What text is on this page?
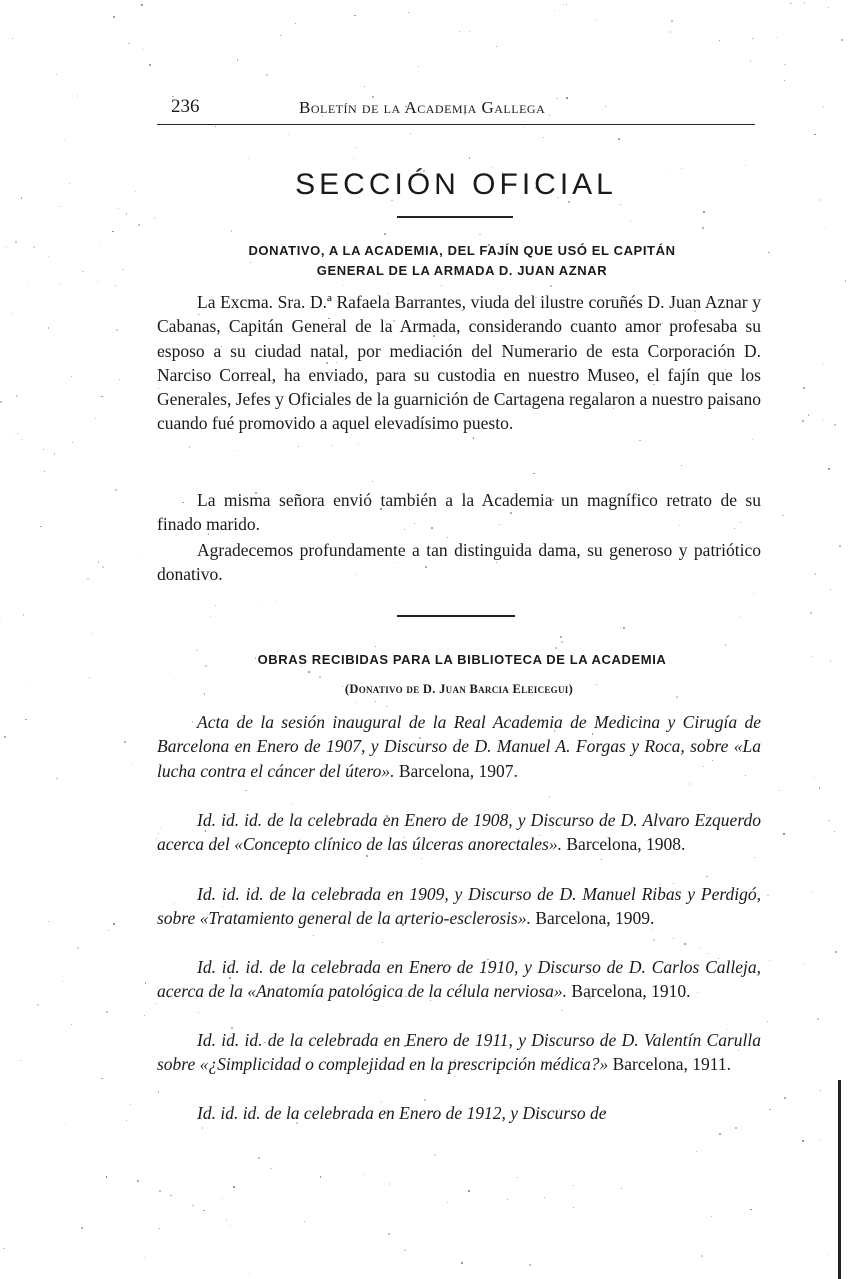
236	Boletín de la Academia Gallega
SECCIÓN OFICIAL
DONATIVO, A LA ACADEMIA, DEL FAJÍN QUE USÓ EL CAPITÁN
GENERAL DE LA ARMADA D. JUAN AZNAR

La Excma. Sra. D.ª Rafaela Barrantes, viuda del ilustre coruñés D. Juan Aznar y Cabanas, Capitán General de la Armada, considerando cuanto amor profesaba su esposo a su ciudad natal, por mediación del Numerario de esta Corporación D. Narciso Correal, ha enviado, para su custodia en nuestro Museo, el fajín que los Generales, Jefes y Oficiales de la guarnición de Cartagena regalaron a nuestro paisano cuando fué promovido a aquel elevadísimo puesto.

La misma señora envió también a la Academia un magnífico retrato de su finado marido.

Agradecemos profundamente a tan distinguida dama, su generoso y patriótico donativo.

OBRAS RECIBIDAS PARA LA BIBLIOTECA DE LA ACADEMIA
(Donativo de D. Juan Barcia Eleicegui)

Acta de la sesión inaugural de la Real Academia de Medicina y Cirugía de Barcelona en Enero de 1907, y Discurso de D. Manuel A. Forgas y Roca, sobre «La lucha contra el cáncer del útero». Barcelona, 1907.

Id. id. id. de la celebrada en Enero de 1908, y Discurso de D. Alvaro Ezquerdo acerca del «Concepto clínico de las úlceras anorectales». Barcelona, 1908.

Id. id. id. de la celebrada en 1909, y Discurso de D. Manuel Ribas y Perdigó, sobre «Tratamiento general de la arterio-esclerosis». Barcelona, 1909.

Id. id. id. de la celebrada en Enero de 1910, y Discurso de D. Carlos Calleja, acerca de la «Anatomía patológica de la célula nerviosa». Barcelona, 1910.

Id. id. id. de la celebrada en Enero de 1911, y Discurso de D. Valentín Carulla sobre «¿Simplicidad o complejidad en la prescripción médica?» Barcelona, 1911.

Id. id. id. de la celebrada en Enero de 1912, y Discurso de
